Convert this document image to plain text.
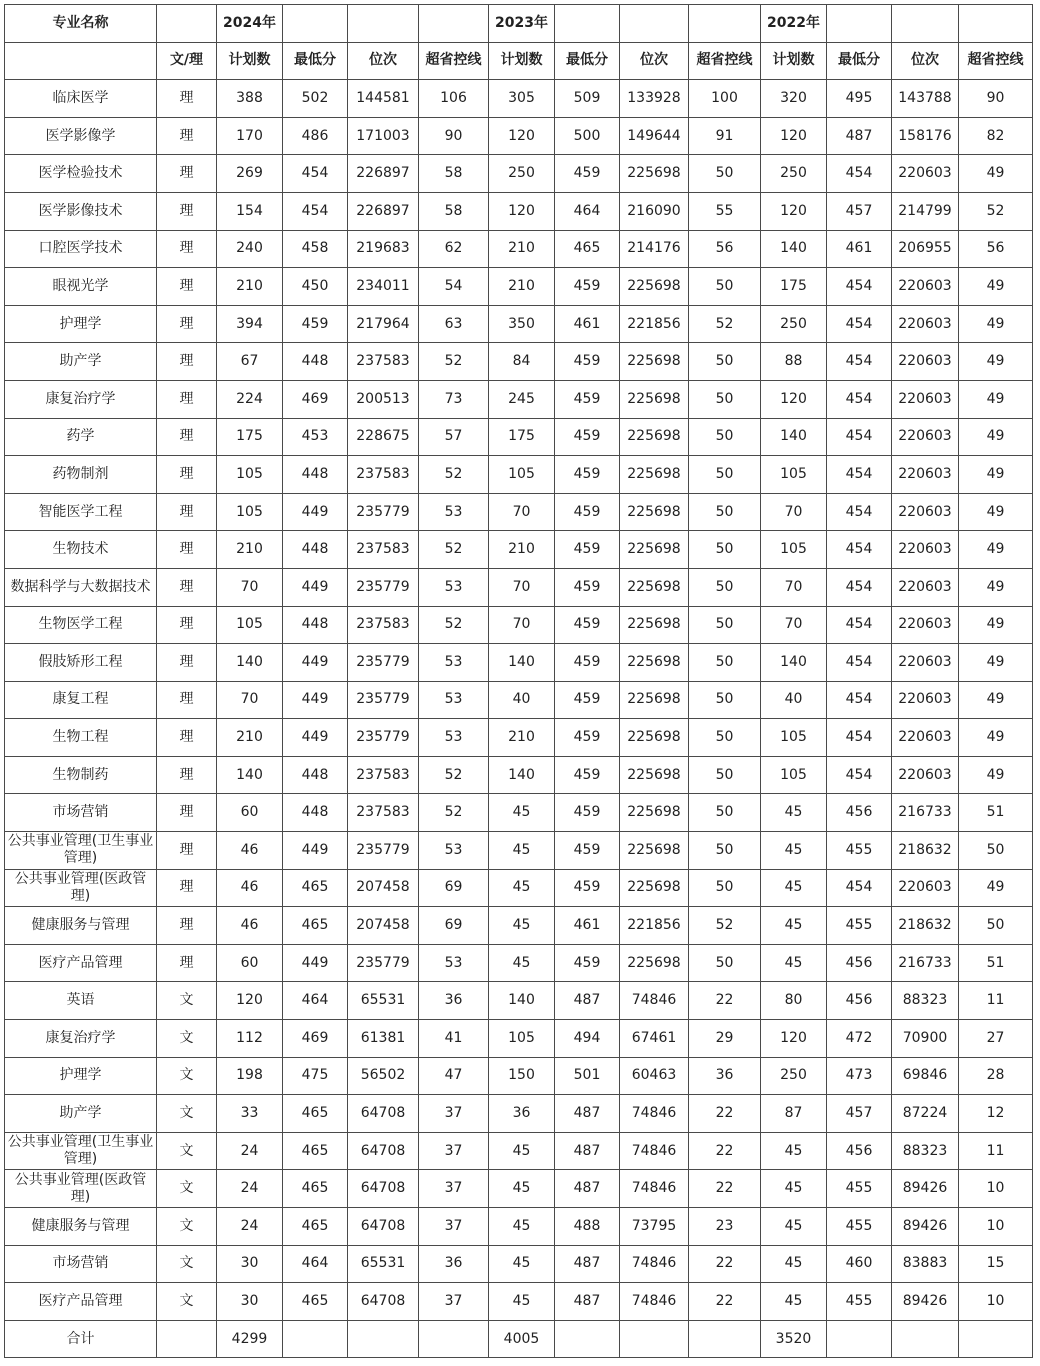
专业名称		2024年				2023年				2022年			
	文/理	计划数	最低分	位次	超省控线	计划数	最低分	位次	超省控线	计划数	最低分	位次	超省控线
临床医学	理	388	502	144581	106	305	509	133928	100	320	495	143788	90
医学影像学	理	170	486	171003	90	120	500	149644	91	120	487	158176	82
医学检验技术	理	269	454	226897	58	250	459	225698	50	250	454	220603	49
医学影像技术	理	154	454	226897	58	120	464	216090	55	120	457	214799	52
口腔医学技术	理	240	458	219683	62	210	465	214176	56	140	461	206955	56
眼视光学	理	210	450	234011	54	210	459	225698	50	175	454	220603	49
护理学	理	394	459	217964	63	350	461	221856	52	250	454	220603	49
助产学	理	67	448	237583	52	84	459	225698	50	88	454	220603	49
康复治疗学	理	224	469	200513	73	245	459	225698	50	120	454	220603	49
药学	理	175	453	228675	57	175	459	225698	50	140	454	220603	49
药物制剂	理	105	448	237583	52	105	459	225698	50	105	454	220603	49
智能医学工程	理	105	449	235779	53	70	459	225698	50	70	454	220603	49
生物技术	理	210	448	237583	52	210	459	225698	50	105	454	220603	49
数据科学与大数据技术	理	70	449	235779	53	70	459	225698	50	70	454	220603	49
生物医学工程	理	105	448	237583	52	70	459	225698	50	70	454	220603	49
假肢矫形工程	理	140	449	235779	53	140	459	225698	50	140	454	220603	49
康复工程	理	70	449	235779	53	40	459	225698	50	40	454	220603	49
生物工程	理	210	449	235779	53	210	459	225698	50	105	454	220603	49
生物制药	理	140	448	237583	52	140	459	225698	50	105	454	220603	49
市场营销	理	60	448	237583	52	45	459	225698	50	45	456	216733	51
公共事业管理(卫生事业管理)	理	46	449	235779	53	45	459	225698	50	45	455	218632	50
公共事业管理(医政管理)	理	46	465	207458	69	45	459	225698	50	45	454	220603	49
健康服务与管理	理	46	465	207458	69	45	461	221856	52	45	455	218632	50
医疗产品管理	理	60	449	235779	53	45	459	225698	50	45	456	216733	51
英语	文	120	464	65531	36	140	487	74846	22	80	456	88323	11
康复治疗学	文	112	469	61381	41	105	494	67461	29	120	472	70900	27
护理学	文	198	475	56502	47	150	501	60463	36	250	473	69846	28
助产学	文	33	465	64708	37	36	487	74846	22	87	457	87224	12
公共事业管理(卫生事业管理)	文	24	465	64708	37	45	487	74846	22	45	456	88323	11
公共事业管理(医政管理)	文	24	465	64708	37	45	487	74846	22	45	455	89426	10
健康服务与管理	文	24	465	64708	37	45	488	73795	23	45	455	89426	10
市场营销	文	30	464	65531	36	45	487	74846	22	45	460	83883	15
医疗产品管理	文	30	465	64708	37	45	487	74846	22	45	455	89426	10
合计		4299				4005				3520			
